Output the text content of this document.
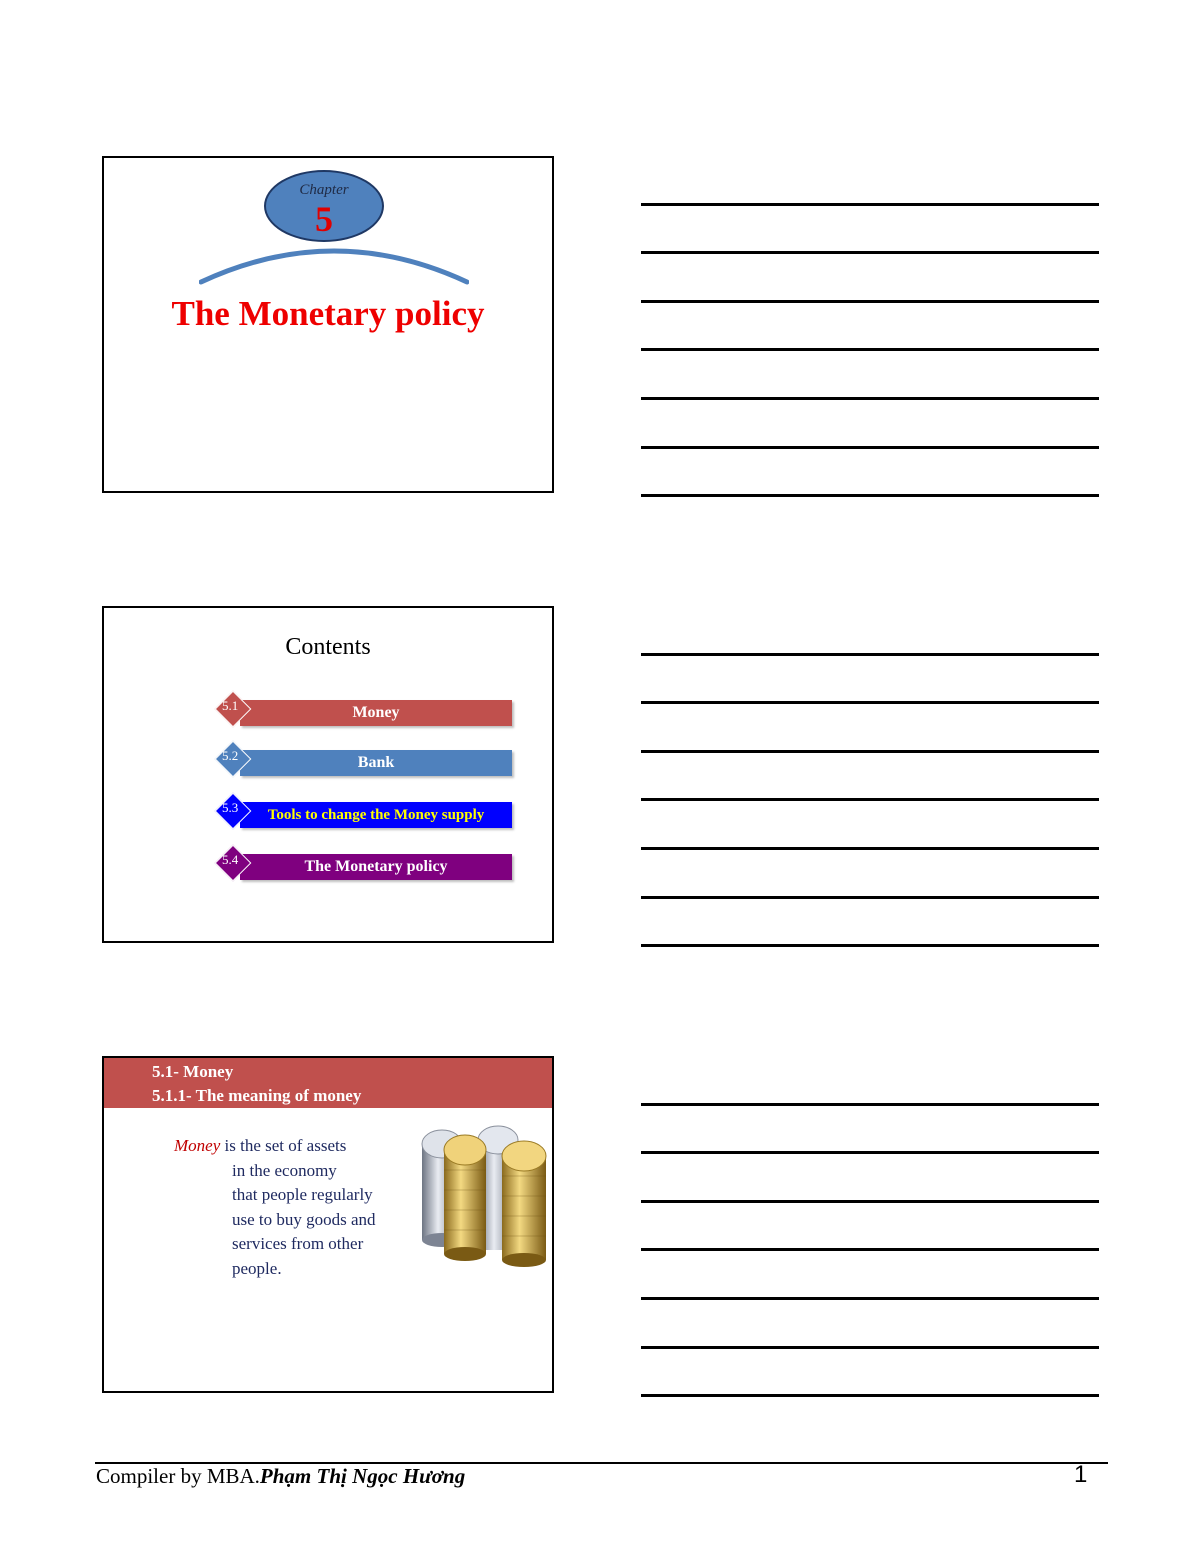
Chapter
5
The Monetary policy
Contents
Money
5.1
Bank
5.2
Tools to change the Money supply
5.3
The Monetary policy
5.4
5.1- Money
5.1.1- The meaning of money
Money is the set of assets
in the economy
that people regularly
use to buy goods and
services from other
people.
Compiler by MBA.Phạm Thị Ngọc Hương	1
